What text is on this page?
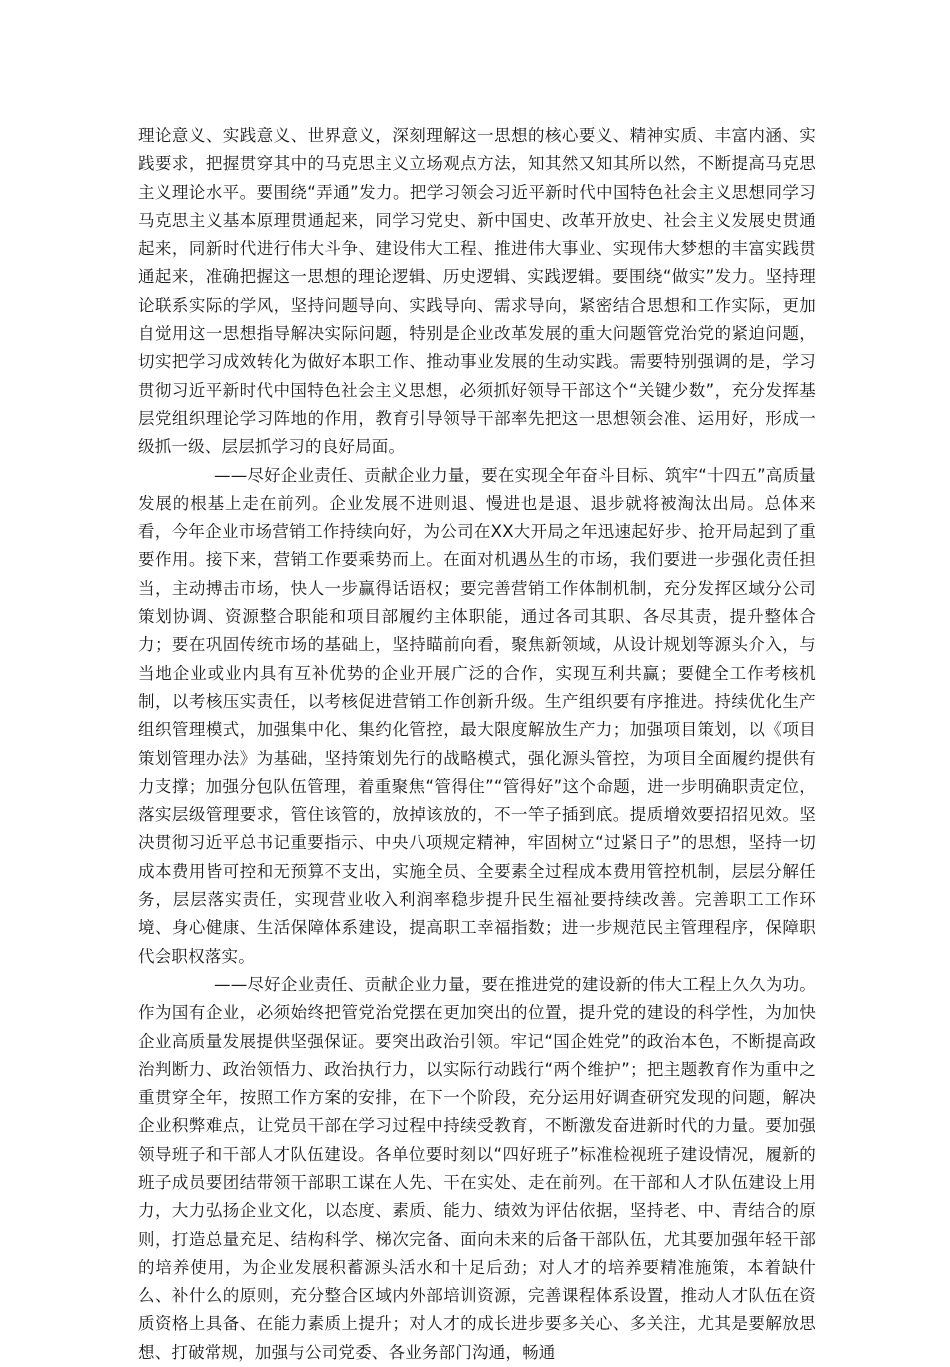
理论意义、实践意义、世界意义，深刻理解这一思想的核心要义、精神实质、丰富内涵、实践要求，把握贯穿其中的马克思主义立场观点方法，知其然又知其所以然，不断提高马克思主义理论水平。要围绕“弄通”发力。把学习领会习近平新时代中国特色社会主义思想同学习马克思主义基本原理贯通起来，同学习党史、新中国史、改革开放史、社会主义发展史贯通起来，同新时代进行伟大斗争、建设伟大工程、推进伟大事业、实现伟大梦想的丰富实践贯通起来，准确把握这一思想的理论逻辑、历史逻辑、实践逻辑。要围绕“做实”发力。坚持理论联系实际的学风，坚持问题导向、实践导向、需求导向，紧密结合思想和工作实际，更加自觉用这一思想指导解决实际问题，特别是企业改革发展的重大问题管党治党的紧迫问题，切实把学习成效转化为做好本职工作、推动事业发展的生动实践。需要特别强调的是，学习贯彻习近平新时代中国特色社会主义思想，必须抓好领导干部这个“关键少数”，充分发挥基层党组织理论学习阵地的作用，教育引导领导干部率先把这一思想领会准、运用好，形成一级抓一级、层层抓学习的良好局面。

——尽好企业责任、贡献企业力量，要在实现全年奋斗目标、筑牢“十四五”高质量发展的根基上走在前列。企业发展不进则退、慢进也是退、退步就将被淘汰出局。总体来看，今年企业市场营销工作持续向好，为公司在XX大开局之年迅速起好步、抢开局起到了重要作用。接下来，营销工作要乘势而上。在面对机遇丛生的市场，我们要进一步强化责任担当，主动搏击市场，快人一步赢得话语权；要完善营销工作体制机制，充分发挥区域分公司策划协调、资源整合职能和项目部履约主体职能，通过各司其职、各尽其责，提升整体合力；要在巩固传统市场的基础上，坚持瞄前向看，聚焦新领域，从设计规划等源头介入，与当地企业或业内具有互补优势的企业开展广泛的合作，实现互利共赢；要健全工作考核机制，以考核压实责任，以考核促进营销工作创新升级。生产组织要有序推进。持续优化生产组织管理模式，加强集中化、集约化管控，最大限度解放生产力；加强项目策划，以《项目策划管理办法》为基础，坚持策划先行的战略模式，强化源头管控，为项目全面履约提供有力支撑；加强分包队伍管理，着重聚焦“管得住”“管得好”这个命题，进一步明确职责定位，落实层级管理要求，管住该管的，放掉该放的，不一竿子插到底。提质增效要招招见效。坚决贯彻习近平总书记重要指示、中央八项规定精神，牢固树立“过紧日子”的思想，坚持一切成本费用皆可控和无预算不支出，实施全员、全要素全过程成本费用管控机制，层层分解任务，层层落实责任，实现营业收入利润率稳步提升民生福祉要持续改善。完善职工工作环境、身心健康、生活保障体系建设，提高职工幸福指数；进一步规范民主管理程序，保障职代会职权落实。

——尽好企业责任、贡献企业力量，要在推进党的建设新的伟大工程上久久为功。作为国有企业，必须始终把管党治党摆在更加突出的位置，提升党的建设的科学性，为加快企业高质量发展提供坚强保证。要突出政治引领。牢记“国企姓党”的政治本色，不断提高政治判断力、政治领悟力、政治执行力，以实际行动践行“两个维护”；把主题教育作为重中之重贯穿全年，按照工作方案的安排，在下一个阶段，充分运用好调查研究发现的问题，解决企业积弊难点，让党员干部在学习过程中持续受教育，不断激发奋进新时代的力量。要加强领导班子和干部人才队伍建设。各单位要时刻以“四好班子”标准检视班子建设情况，履新的班子成员要团结带领干部职工谋在人先、干在实处、走在前列。在干部和人才队伍建设上用力，大力弘扬企业文化，以态度、素质、能力、绩效为评估依据，坚持老、中、青结合的原则，打造总量充足、结构科学、梯次完备、面向未来的后备干部队伍，尤其要加强年轻干部的培养使用，为企业发展积蓄源头活水和十足后劲；对人才的培养要精准施策，本着缺什么、补什么的原则，充分整合区域内外部培训资源，完善课程体系设置，推动人才队伍在资质资格上具备、在能力素质上提升；对人才的成长进步要多关心、多关注，尤其是要解放思想、打破常规，加强与公司党委、各业务部门沟通，畅通
